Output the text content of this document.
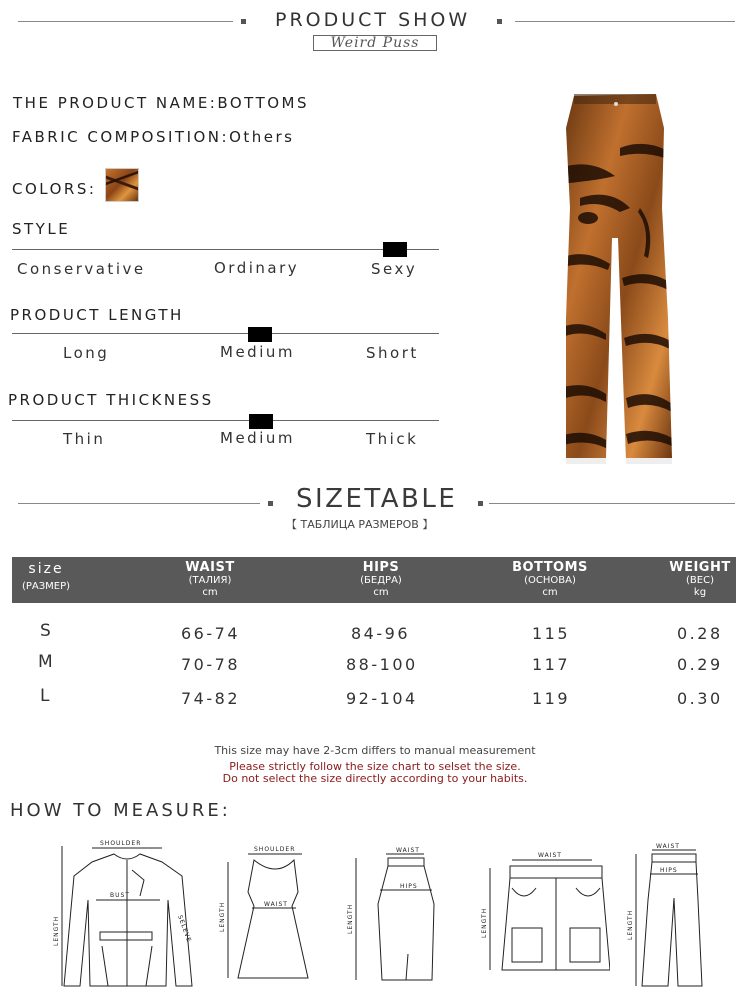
PRODUCT SHOW
Weird Puss
THE PRODUCT NAME:BOTTOMS
FABRIC COMPOSITION:Others
COLORS:
STYLE
Conservative	Ordinary	Sexy
PRODUCT LENGTH
Long	Medium	Short
PRODUCT THICKNESS
Thin	Medium	Thick
SIZETABLE
【 ТАБЛИЦА РАЗМЕРОВ 】
size
(РАЗМЕР)
WAIST
(ТАЛИЯ)
cm
HIPS
(БЕДРА)
cm
BOTTOMS
(ОСНОВА)
cm
WEIGHT
(ВЕС)
kg
S	66-74	84-96	115	0.28
M	70-78	88-100	117	0.29
L	74-82	92-104	119	0.30
This size may have 2-3cm differs to manual measurement
Please strictly follow the size chart to selset the size.
Do not select the size directly according to your habits.
HOW TO MEASURE:
SHOULDER
BUST
LENGTH	SELEVE
SHOULDER
WAIST
LENGTH
WAIST
HIPS
LENGTH
WAIST
LENGTH
WAIST
HIPS
LENGTH
